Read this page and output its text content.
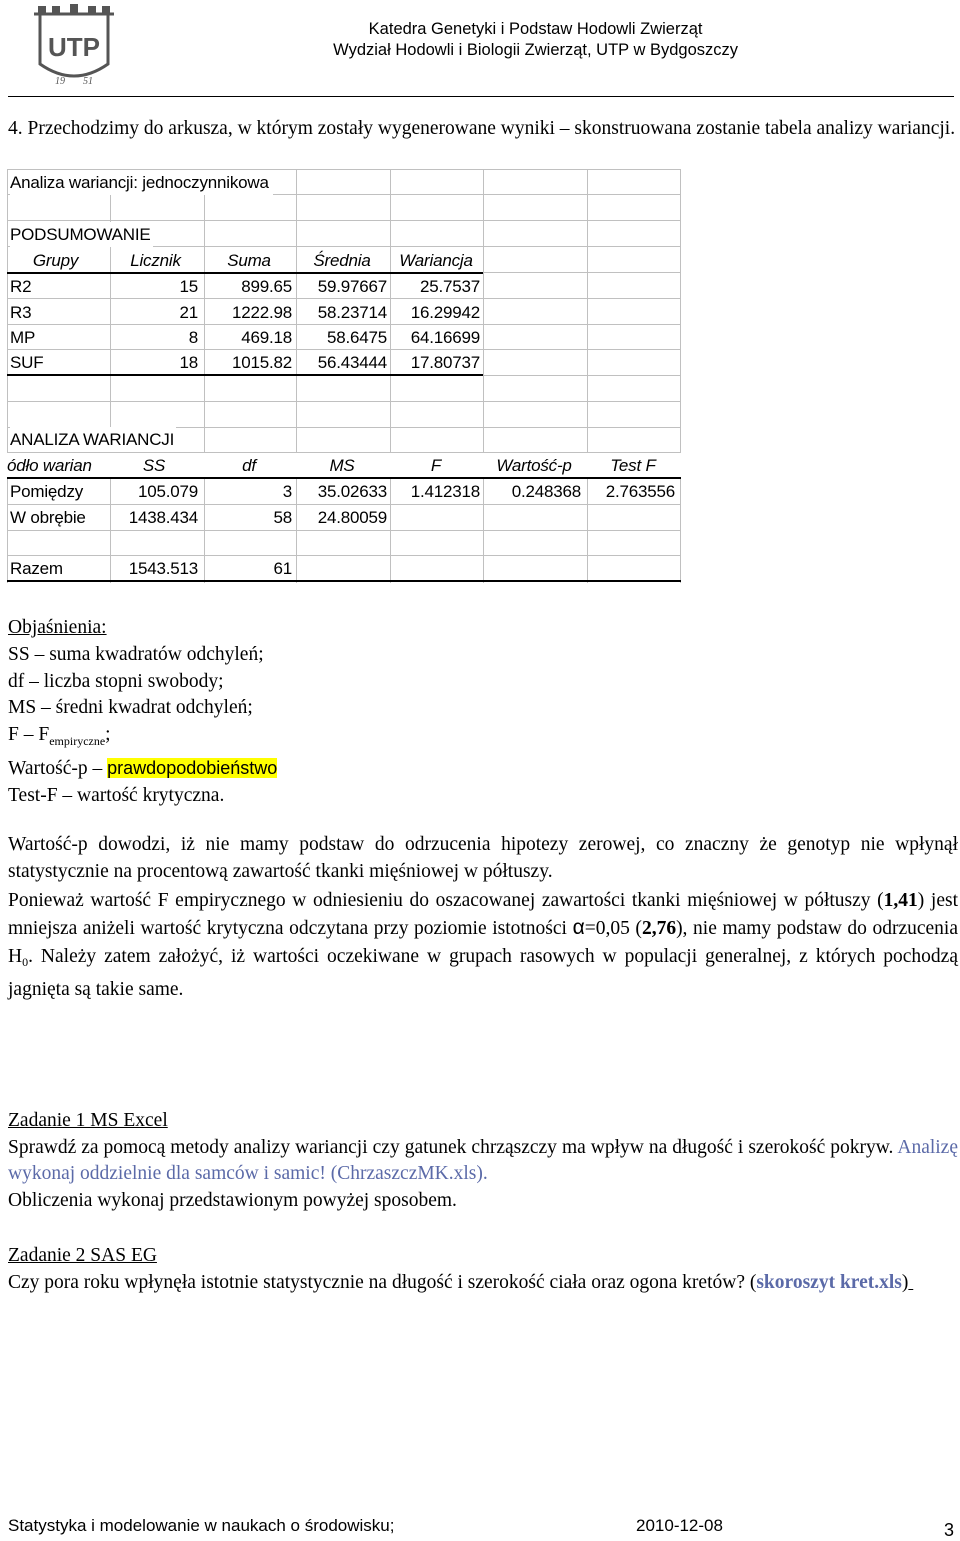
UTP
19 51
Katedra Genetyki i Podstaw Hodowli Zwierząt
Wydział Hodowli i Biologii Zwierząt, UTP w Bydgoszczy
4. Przechodzimy do arkusza, w którym zostały wygenerowane wyniki – skonstruowana zostanie tabela analizy wariancji.
Analiza wariancji: jednoczynnikowa
PODSUMOWANIE
Grupy	Licznik	Suma	Średnia	Wariancja
R2	15	899.65	59.97667	25.7537
R3	21	1222.98	58.23714	16.29942
MP	8	469.18	58.6475	64.16699
SUF	18	1015.82	56.43444	17.80737
ANALIZA WARIANCJI
ódło warian	SS	df	MS	F	Wartość-p	Test F
Pomiędzy	105.079	3	35.02633	1.412318	0.248368	2.763556
W obrębie	1438.434	58	24.80059
Razem	1543.513	61
Objaśnienia:
SS – suma kwadratów odchyleń;
df – liczba stopni swobody;
MS – średni kwadrat odchyleń;
F – $F_{empiryczne}$;
Wartość-p – prawdopodobieństwo
Test-F – wartość krytyczna.
Wartość-p dowodzi, iż nie mamy podstaw do odrzucenia hipotezy zerowej, co znaczny że genotyp nie wpłynął statystycznie na procentową zawartość tkanki mięśniowej w półtuszy.
Ponieważ wartość F empirycznego w odniesieniu do oszacowanej zawartości tkanki mięśniowej w półtuszy (1,41) jest mniejsza aniżeli wartość krytyczna odczytana przy poziomie istotności α=0,05 (2,76), nie mamy podstaw do odrzucenia $H_0$. Należy zatem założyć, iż wartości oczekiwane w grupach rasowych w populacji generalnej, z których pochodzą jagnięta są takie same.
Zadanie 1 MS Excel
Sprawdź za pomocą metody analizy wariancji czy gatunek chrząszczy ma wpływ na długość i szerokość pokryw. Analizę wykonaj oddzielnie dla samców i samic! (ChrzaszczMK.xls).
Obliczenia wykonaj przedstawionym powyżej sposobem.
Zadanie 2 SAS EG
Czy pora roku wpłynęła istotnie statystycznie na długość i szerokość ciała oraz ogona kretów? (skoroszyt kret.xls)
Statystyka i modelowanie w naukach o środowisku;	2010-12-08	3
